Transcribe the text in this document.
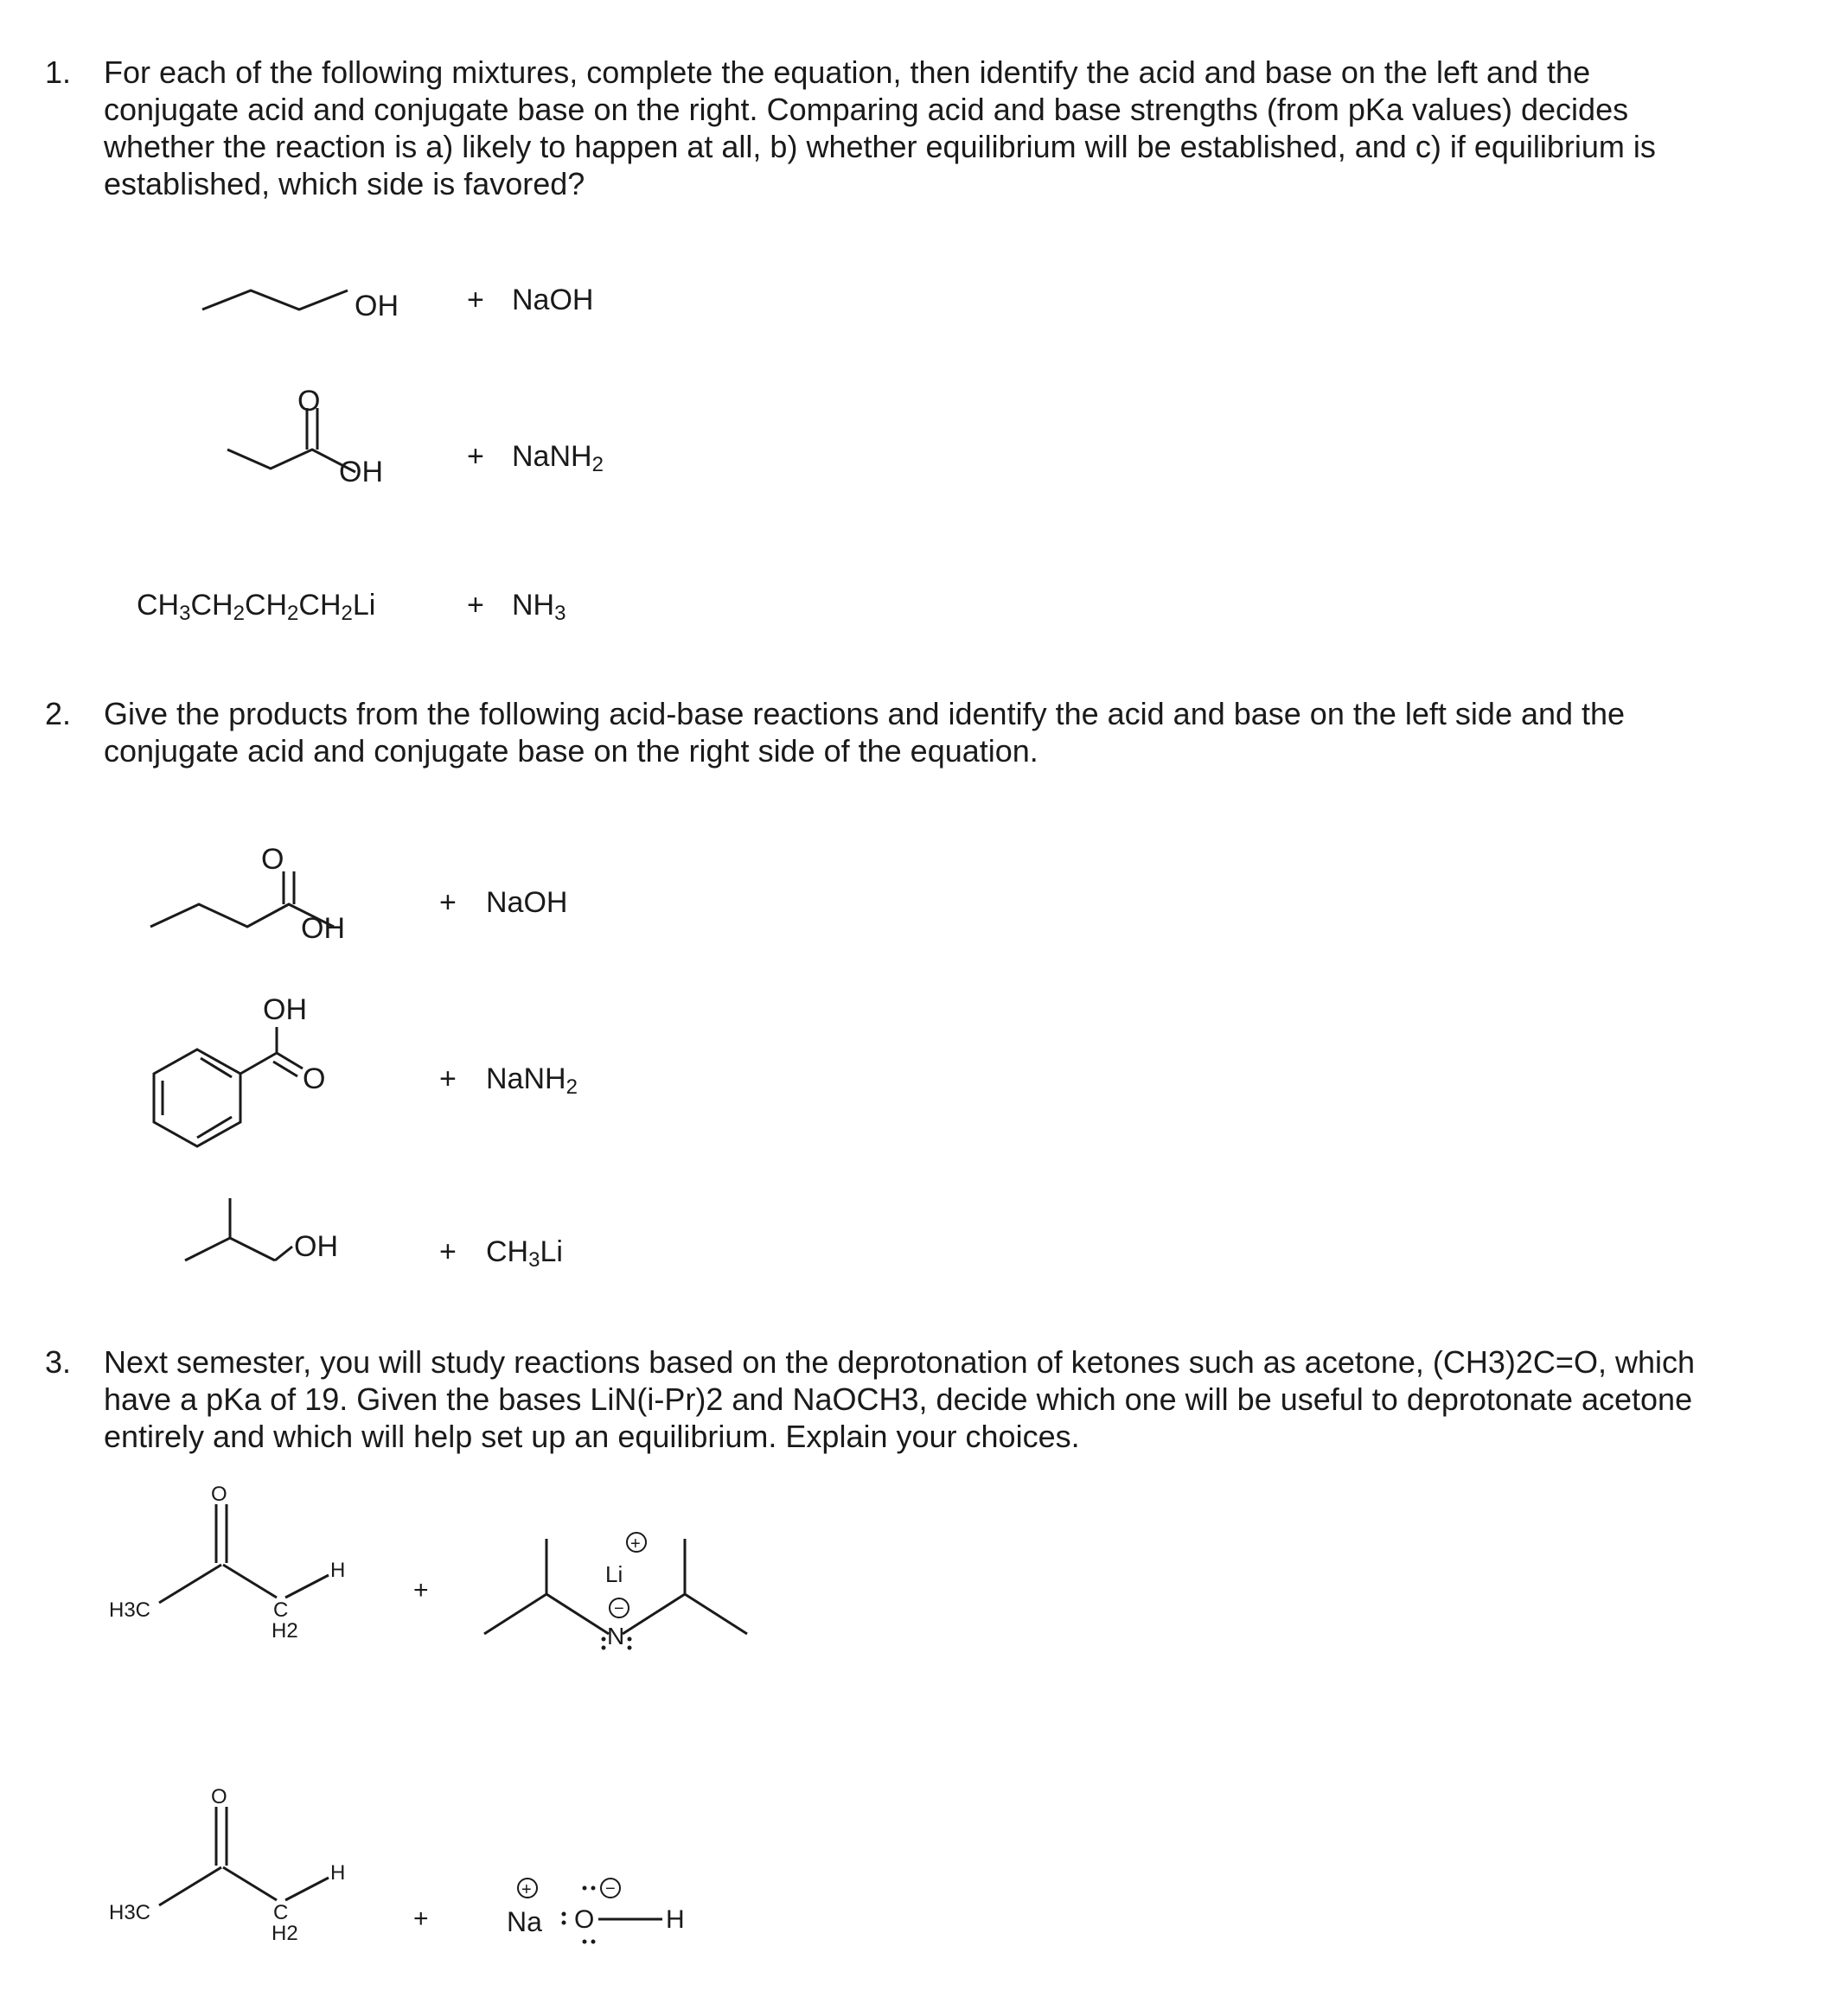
1. For each of the following mixtures, complete the equation, then identify the acid and base on the left and the
conjugate acid and conjugate base on the right. Comparing acid and base strengths (from pKa values) decides
whether the reaction is a) likely to happen at all, b) whether equilibrium will be established, and c) if equilibrium is
established, which side is favored?
OH + NaOH
O
OH	+ NaNH$_2$
$CH_3CH_2CH_2CH_2Li$	+ $NH_3$
2. Give the products from the following acid-base reactions and identify the acid and base on the left side and the
conjugate acid and conjugate base on the right side of the equation.
O
OH
+ NaOH
OH
O	+ NaNH$_2$
OH	+ $CH_3Li$
3. Next semester, you will study reactions based on the deprotonation of ketones such as acetone, (CH3)2C=O, which
have a pKa of 19. Given the bases LiN(i-Pr)2 and NaOCH3, decide which one will be useful to deprotonate acetone
entirely and which will help set up an equilibrium. Explain your choices.
O
H3C	C
H2
H
+
+
Li
−
N
O
H3C	C
H2
H
+
+
Na
−
O	H
